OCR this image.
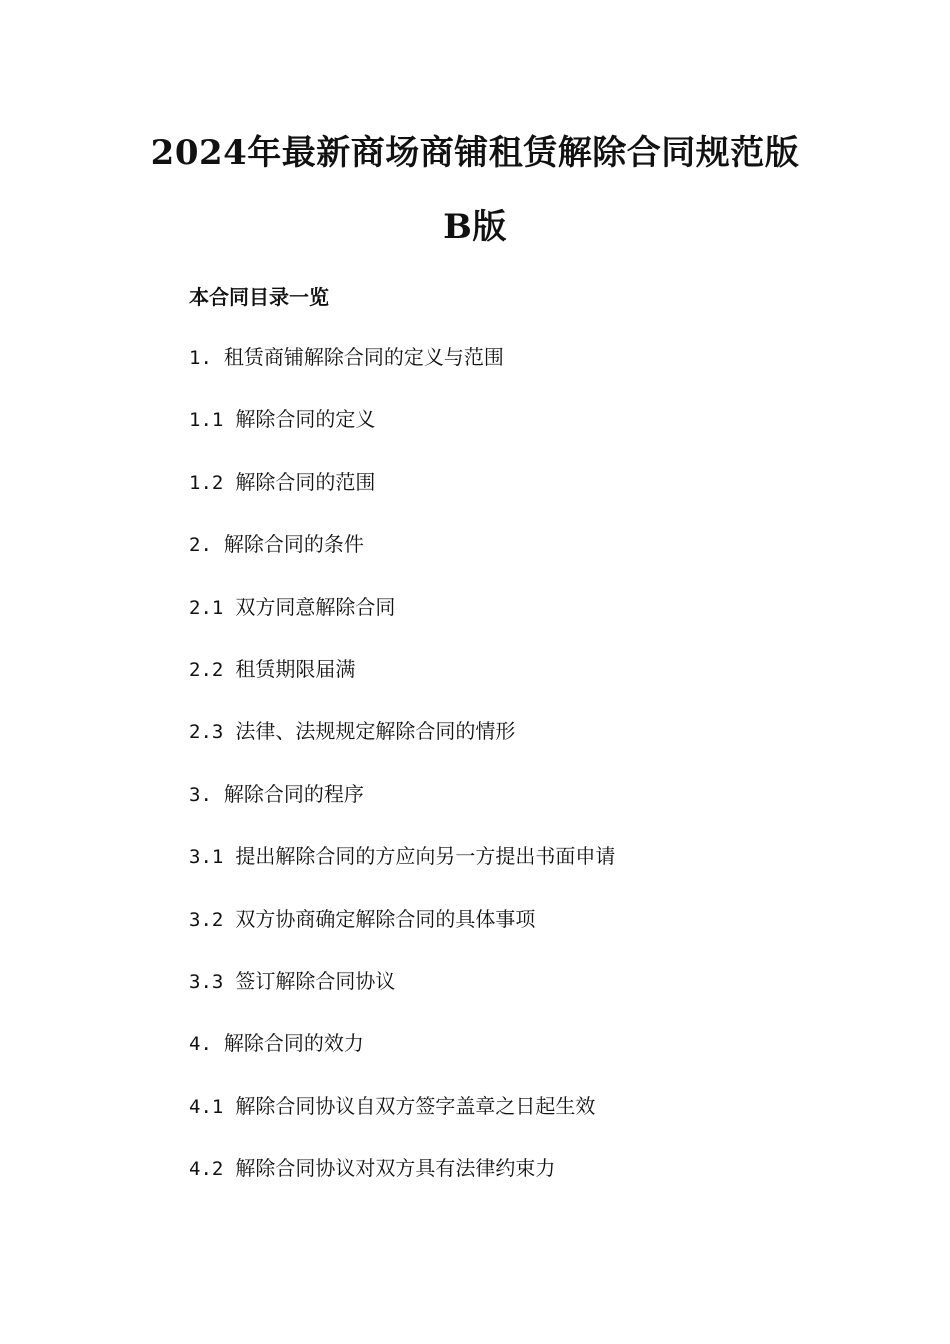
2024年最新商场商铺租赁解除合同规范版
B版
本合同目录一览
1. 租赁商铺解除合同的定义与范围
1.1 解除合同的定义
1.2 解除合同的范围
2. 解除合同的条件
2.1 双方同意解除合同
2.2 租赁期限届满
2.3 法律、法规规定解除合同的情形
3. 解除合同的程序
3.1 提出解除合同的方应向另一方提出书面申请
3.2 双方协商确定解除合同的具体事项
3.3 签订解除合同协议
4. 解除合同的效力
4.1 解除合同协议自双方签字盖章之日起生效
4.2 解除合同协议对双方具有法律约束力
